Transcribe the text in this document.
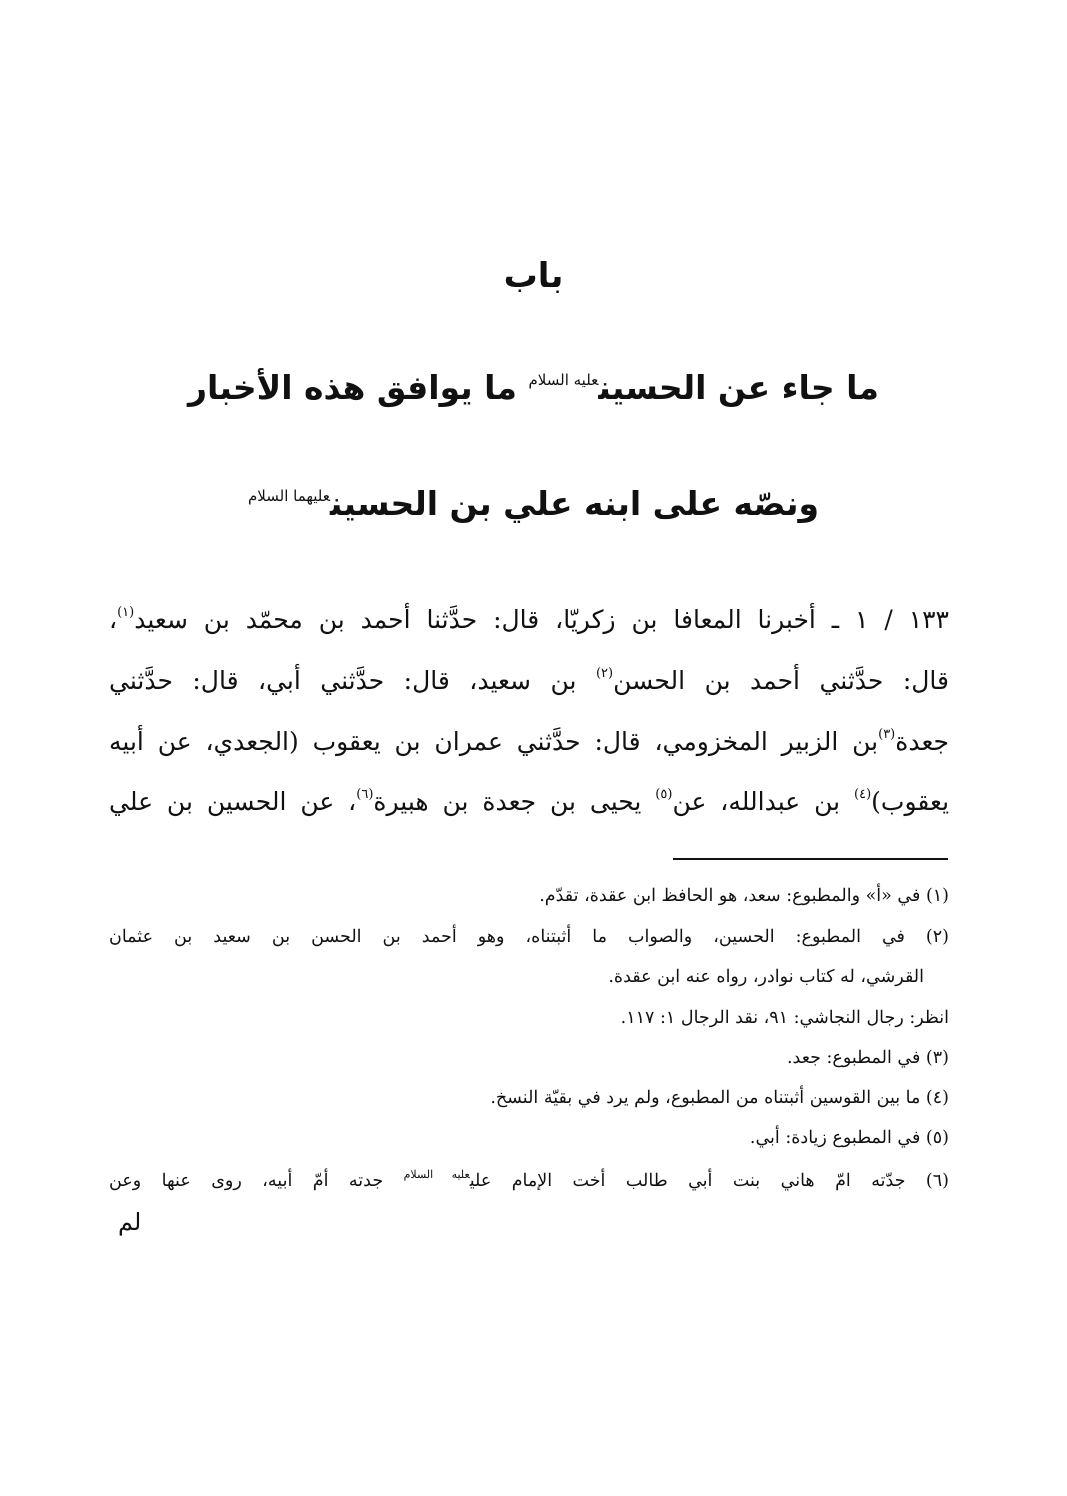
باب
ما جاء عن الحسين$^{عليه السلام}$ ما يوافق هذه الأخبار
ونصّه على ابنه علي بن الحسين$^{عليهما السلام}$
١٣٣ / ١ ـ أخبرنا المعافا بن زكريّا، قال: حدَّثنا أحمد بن محمّد بن سعيد$^{(١)}$،
قال: حدَّثني أحمد بن الحسن$^{(٢)}$ بن سعيد، قال: حدَّثني أبي، قال: حدَّثني
جعدة$^{(٣)}$بن الزبير المخزومي، قال: حدَّثني عمران بن يعقوب (الجعدي، عن أبيه
يعقوب)$^{(٤)}$ بن عبدالله، عن$^{(٥)}$ يحيى بن جعدة بن هبيرة$^{(٦)}$، عن الحسين بن علي
(١) في «أ» والمطبوع: سعد، هو الحافظ ابن عقدة، تقدّم.
(٢) في المطبوع: الحسين، والصواب ما أثبتناه، وهو أحمد بن الحسن بن سعيد بن عثمان
القرشي، له كتاب نوادر، رواه عنه ابن عقدة.
انظر: رجال النجاشي: ٩١، نقد الرجال ١: ١١٧.
(٣) في المطبوع: جعد.
(٤) ما بين القوسين أثبتناه من المطبوع، ولم يرد في بقيّة النسخ.
(٥) في المطبوع زيادة: أبي.
(٦) جدّته امّ هاني بنت أبي طالب أخت الإمام علي$^{عليه السلام}$ جدته أمّ أبيه، روى عنها وعن
ﻟﻢ
